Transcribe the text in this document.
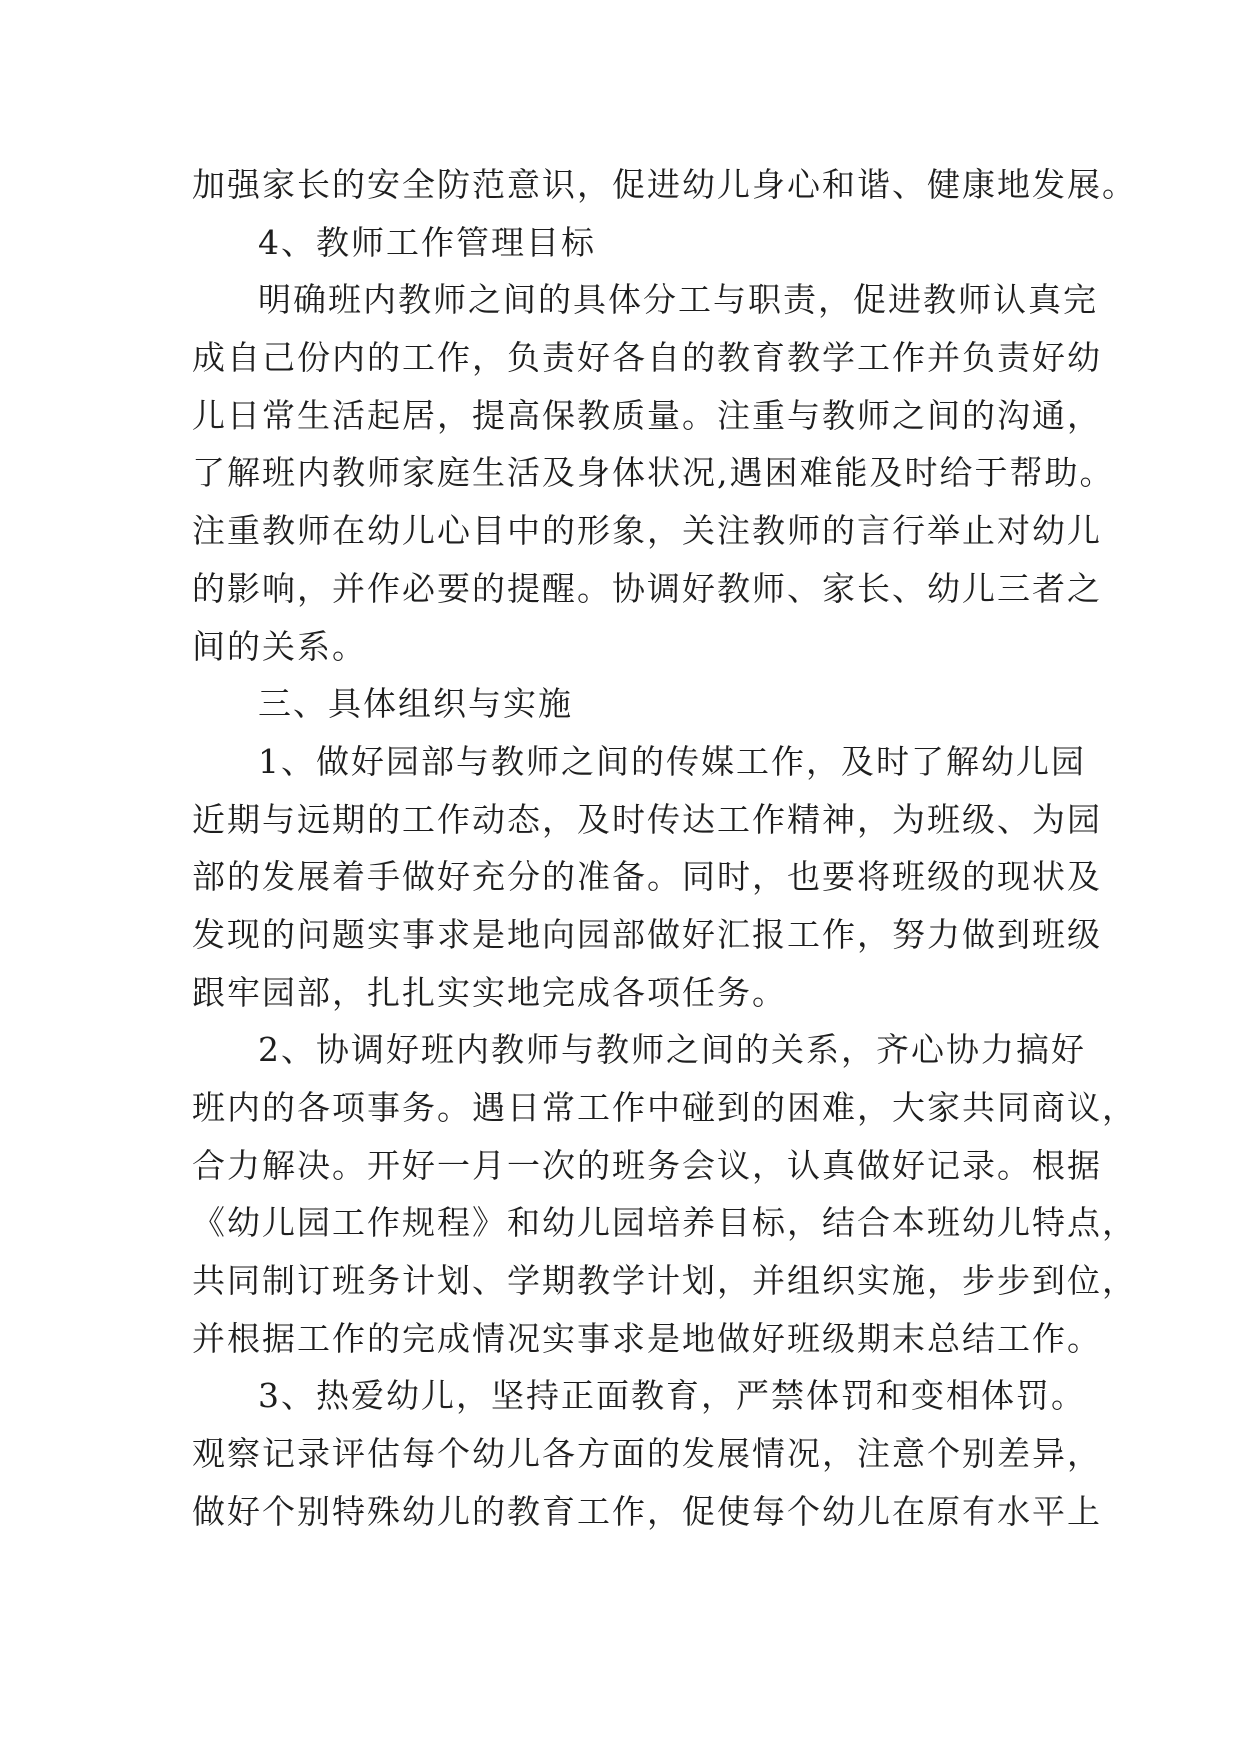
加强家长的安全防范意识，促进幼儿身心和谐、健康地发展。
4、教师工作管理目标
明确班内教师之间的具体分工与职责，促进教师认真完
成自己份内的工作，负责好各自的教育教学工作并负责好幼
儿日常生活起居，提高保教质量。注重与教师之间的沟通，
了解班内教师家庭生活及身体状况,遇困难能及时给于帮助。
注重教师在幼儿心目中的形象，关注教师的言行举止对幼儿
的影响，并作必要的提醒。协调好教师、家长、幼儿三者之
间的关系。
三、具体组织与实施
1、做好园部与教师之间的传媒工作，及时了解幼儿园
近期与远期的工作动态，及时传达工作精神，为班级、为园
部的发展着手做好充分的准备。同时，也要将班级的现状及
发现的问题实事求是地向园部做好汇报工作，努力做到班级
跟牢园部，扎扎实实地完成各项任务。
2、协调好班内教师与教师之间的关系，齐心协力搞好
班内的各项事务。遇日常工作中碰到的困难，大家共同商议，
合力解决。开好一月一次的班务会议，认真做好记录。根据
《幼儿园工作规程》和幼儿园培养目标，结合本班幼儿特点，
共同制订班务计划、学期教学计划，并组织实施，步步到位，
并根据工作的完成情况实事求是地做好班级期末总结工作。
3、热爱幼儿，坚持正面教育，严禁体罚和变相体罚。
观察记录评估每个幼儿各方面的发展情况，注意个别差异，
做好个别特殊幼儿的教育工作，促使每个幼儿在原有水平上
